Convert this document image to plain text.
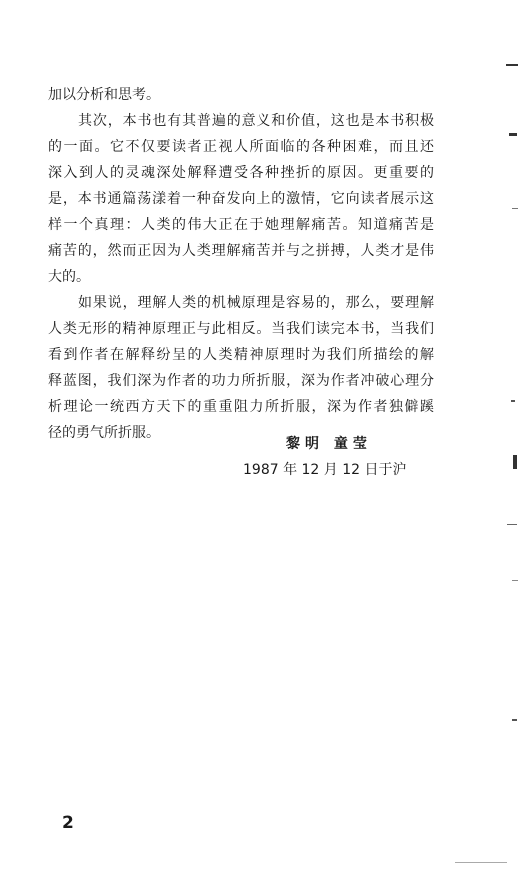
加以分析和思考。
其次，本书也有其普遍的意义和价值，这也是本书积极
的一面。它不仅要读者正视人所面临的各种困难，而且还
深入到人的灵魂深处解释遭受各种挫折的原因。更重要的
是，本书通篇荡漾着一种奋发向上的激情，它向读者展示这
样一个真理：人类的伟大正在于她理解痛苦。知道痛苦是
痛苦的，然而正因为人类理解痛苦并与之拼搏，人类才是伟
大的。
如果说，理解人类的机械原理是容易的，那么，要理解
人类无形的精神原理正与此相反。当我们读完本书，当我们
看到作者在解释纷呈的人类精神原理时为我们所描绘的解
释蓝图，我们深为作者的功力所折服，深为作者冲破心理分
析理论一统西方天下的重重阻力所折服，深为作者独僻蹊
径的勇气所折服。
黎明 童莹
1987 年 12 月 12 日于沪
2
